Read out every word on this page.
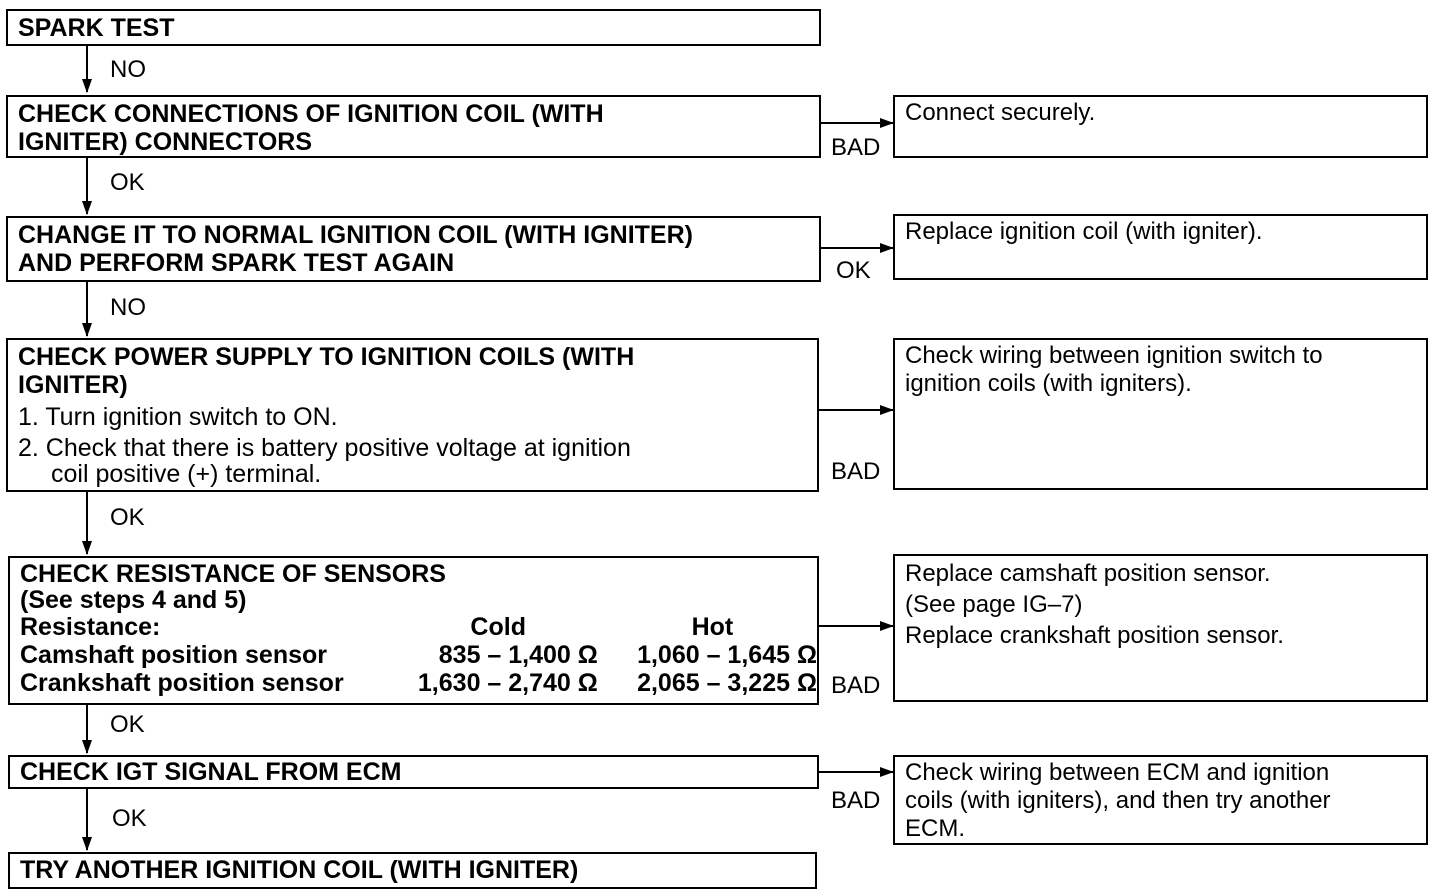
SPARK TEST
CHECK CONNECTIONS OF IGNITION COIL (WITH
IGNITER) CONNECTORS
CHANGE IT TO NORMAL IGNITION COIL (WITH IGNITER)
AND PERFORM SPARK TEST AGAIN
CHECK POWER SUPPLY TO IGNITION COILS (WITH
IGNITER)
1. Turn ignition switch to ON.
2. Check that there is battery positive voltage at ignition
coil positive (+) terminal.
CHECK RESISTANCE OF SENSORS
(See steps 4 and 5)
Resistance:	Cold	Hot
Camshaft position sensor	835 – 1,400 Ω	1,060 – 1,645 Ω
Crankshaft position sensor	1,630 – 2,740 Ω	2,065 – 3,225 Ω
CHECK IGT SIGNAL FROM ECM
TRY ANOTHER IGNITION COIL (WITH IGNITER)
Connect securely.
Replace ignition coil (with igniter).
Check wiring between ignition switch to
ignition coils (with igniters).
Replace camshaft position sensor.
(See page IG–7)
Replace crankshaft position sensor.
Check wiring between ECM and ignition
coils (with igniters), and then try another
ECM.
NO
OK
NO
OK
OK
OK
BAD
OK
BAD
BAD
BAD
